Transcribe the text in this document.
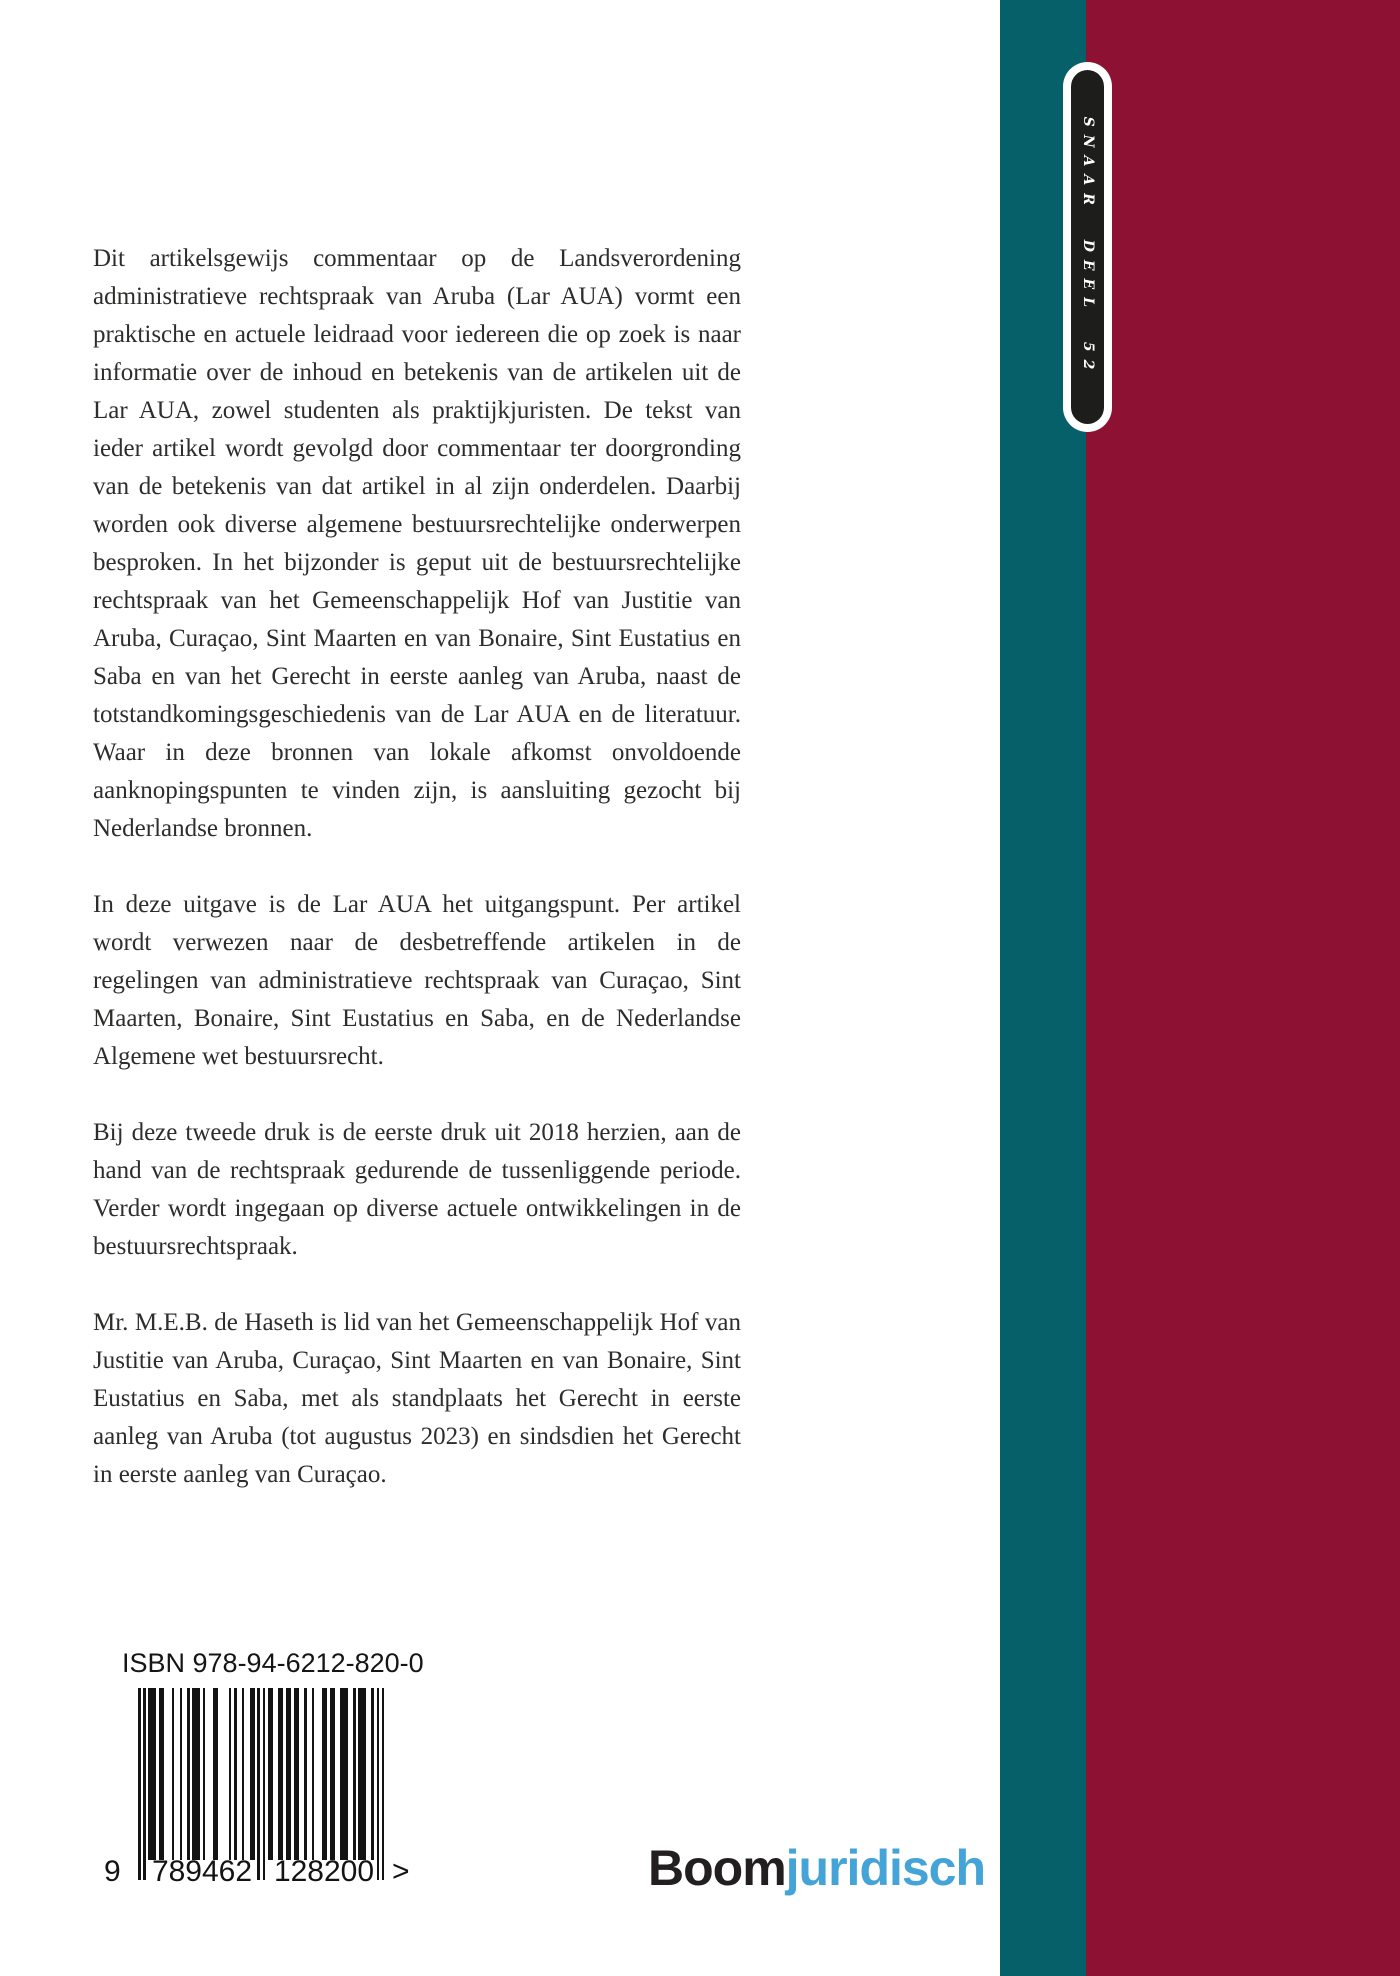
SNAAR DEEL 52

Dit artikelsgewijs commentaar op de Landsverordening administratieve rechtspraak van Aruba (Lar AUA) vormt een praktische en actuele leidraad voor iedereen die op zoek is naar informatie over de inhoud en betekenis van de artikelen uit de Lar AUA, zowel studenten als praktijkjuristen. De tekst van ieder artikel wordt gevolgd door commentaar ter doorgronding van de betekenis van dat artikel in al zijn onderdelen. Daarbij worden ook diverse algemene bestuursrechtelijke onderwerpen besproken. In het bijzonder is geput uit de bestuursrechtelijke rechtspraak van het Gemeenschappelijk Hof van Justitie van Aruba, Curaçao, Sint Maarten en van Bonaire, Sint Eustatius en Saba en van het Gerecht in eerste aanleg van Aruba, naast de totstandkomingsgeschiedenis van de Lar AUA en de literatuur. Waar in deze bronnen van lokale afkomst onvoldoende aanknopingspunten te vinden zijn, is aansluiting gezocht bij Nederlandse bronnen.

In deze uitgave is de Lar AUA het uitgangspunt. Per artikel wordt verwezen naar de desbetreffende artikelen in de regelingen van administratieve rechtspraak van Curaçao, Sint Maarten, Bonaire, Sint Eustatius en Saba, en de Nederlandse Algemene wet bestuursrecht.

Bij deze tweede druk is de eerste druk uit 2018 herzien, aan de hand van de rechtspraak gedurende de tussenliggende periode. Verder wordt ingegaan op diverse actuele ontwikkelingen in de bestuursrechtspraak.

Mr. M.E.B. de Haseth is lid van het Gemeenschappelijk Hof van Justitie van Aruba, Curaçao, Sint Maarten en van Bonaire, Sint Eustatius en Saba, met als standplaats het Gerecht in eerste aanleg van Aruba (tot augustus 2023) en sindsdien het Gerecht in eerste aanleg van Curaçao.

ISBN 978-94-6212-820-0
9 789462 128200 >	Boomjuridisch
